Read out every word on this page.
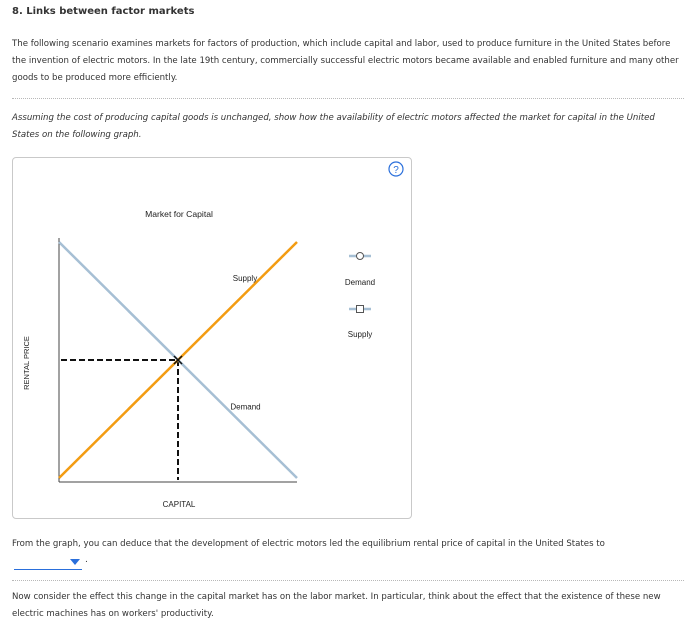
8. Links between factor markets
The following scenario examines markets for factors of production, which include capital and labor, used to produce furniture in the United States before the invention of electric motors. In the late 19th century, commercially successful electric motors became available and enabled furniture and many other goods to be produced more efficiently.
Assuming the cost of producing capital goods is unchanged, show how the availability of electric motors affected the market for capital in the United States on the following graph.
Market for Capital
RENTAL PRICE
CAPITAL
Supply
Demand
Demand
Supply
?
From the graph, you can deduce that the development of electric motors led the equilibrium rental price of capital in the United States to
.
Now consider the effect this change in the capital market has on the labor market. In particular, think about the effect that the existence of these new electric machines has on workers' productivity.
